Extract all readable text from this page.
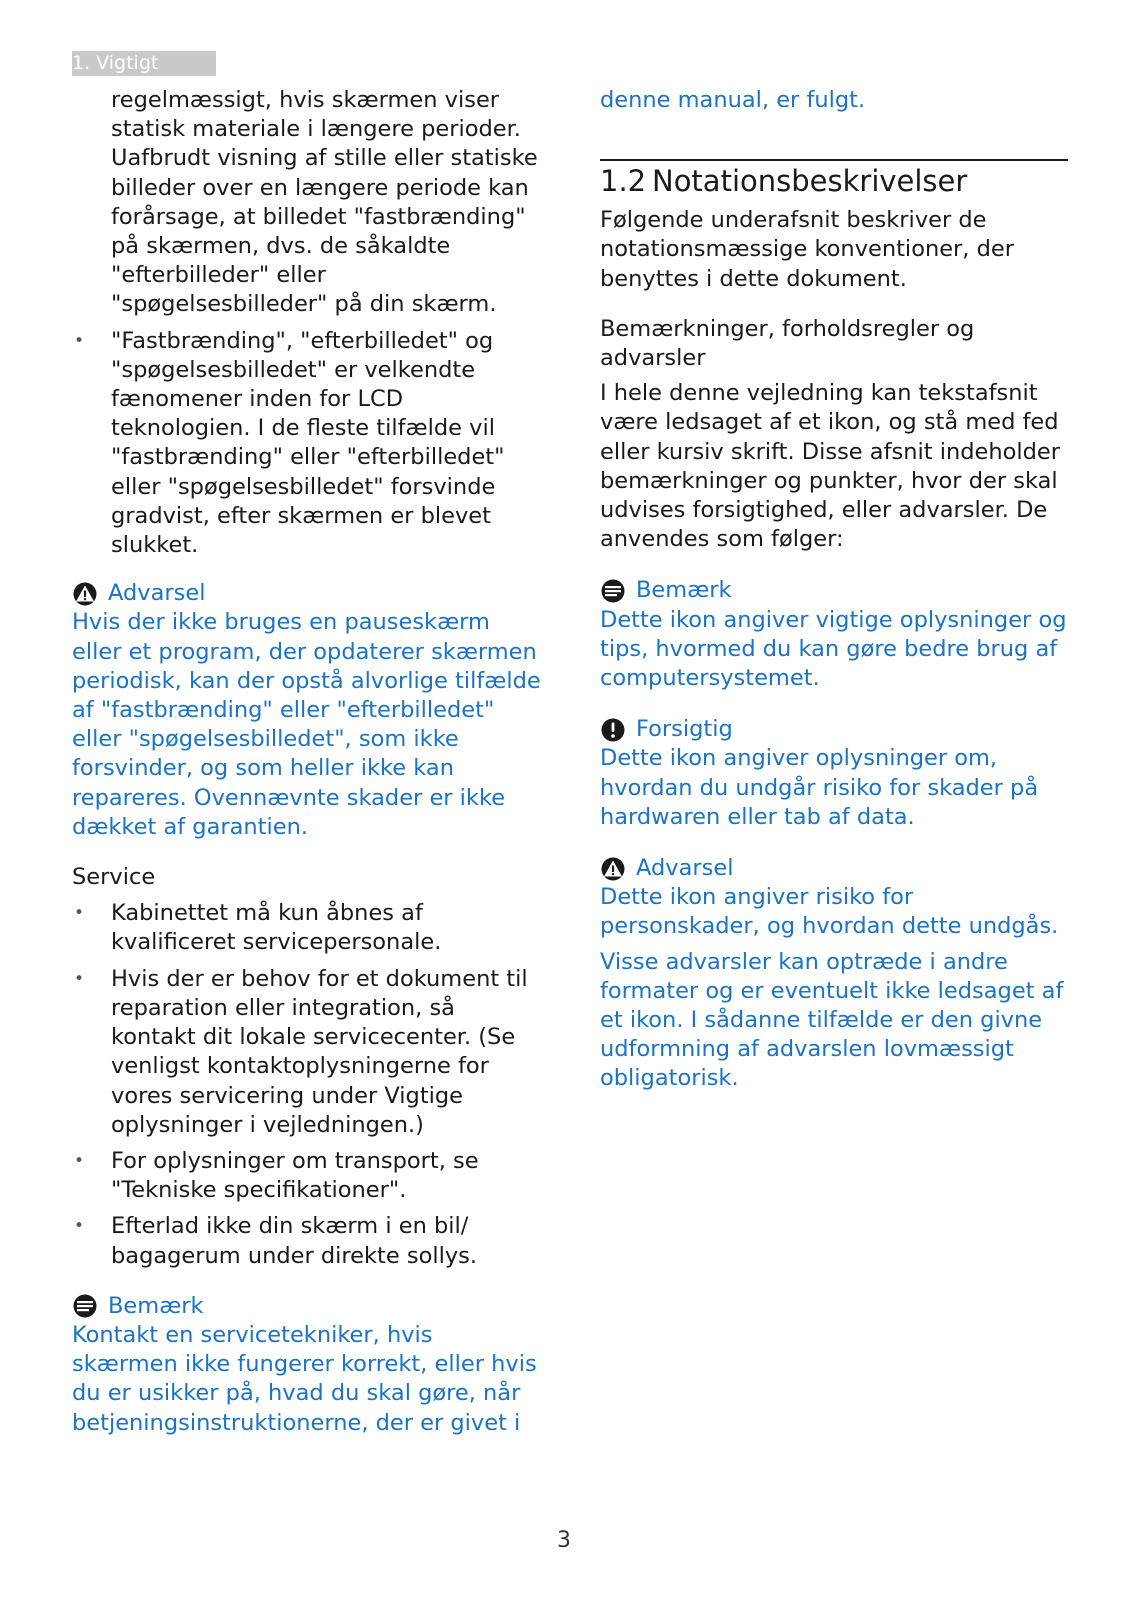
1. Vigtigt

regelmæssigt, hvis skærmen viser statisk materiale i længere perioder. Uafbrudt visning af stille eller statiske billeder over en længere periode kan forårsage, at billedet "fastbrænding" på skærmen, dvs. de såkaldte "efterbilleder" eller "spøgelsesbilleder" på din skærm.

• "Fastbrænding", "efterbilledet" og "spøgelsesbilledet" er velkendte fænomener inden for LCD teknologien. I de fleste tilfælde vil "fastbrænding" eller "efterbilledet" eller "spøgelsesbilledet" forsvinde gradvist, efter skærmen er blevet slukket.
Advarsel

Hvis der ikke bruges en pauseskærm eller et program, der opdaterer skærmen periodisk, kan der opstå alvorlige tilfælde af "fastbrænding" eller "efterbilledet" eller "spøgelsesbilledet", som ikke forsvinder, og som heller ikke kan repareres. Ovennævnte skader er ikke dækket af garantien.

Service

• Kabinettet må kun åbnes af kvalificeret servicepersonale.
• Hvis der er behov for et dokument til reparation eller integration, så kontakt dit lokale servicecenter. (Se venligst kontaktoplysningerne for vores servicering under Vigtige oplysninger i vejledningen.)
• For oplysninger om transport, se "Tekniske specifikationer".
• Efterlad ikke din skærm i en bil/ bagagerum under direkte sollys.
Bemærk

Kontakt en servicetekniker, hvis skærmen ikke fungerer korrekt, eller hvis du er usikker på, hvad du skal gøre, når betjeningsinstruktionerne, der er givet i

denne manual, er fulgt.

1.2 Notationsbeskrivelser

Følgende underafsnit beskriver de notationsmæssige konventioner, der benyttes i dette dokument.

Bemærkninger, forholdsregler og advarsler

I hele denne vejledning kan tekstafsnit være ledsaget af et ikon, og stå med fed eller kursiv skrift. Disse afsnit indeholder bemærkninger og punkter, hvor der skal udvises forsigtighed, eller advarsler. De anvendes som følger:

Bemærk

Dette ikon angiver vigtige oplysninger og tips, hvormed du kan gøre bedre brug af computersystemet.

Forsigtig

Dette ikon angiver oplysninger om, hvordan du undgår risiko for skader på hardwaren eller tab af data.

Advarsel

Dette ikon angiver risiko for personskader, og hvordan dette undgås.

Visse advarsler kan optræde i andre formater og er eventuelt ikke ledsaget af et ikon. I sådanne tilfælde er den givne udformning af advarslen lovmæssigt obligatorisk.

3
